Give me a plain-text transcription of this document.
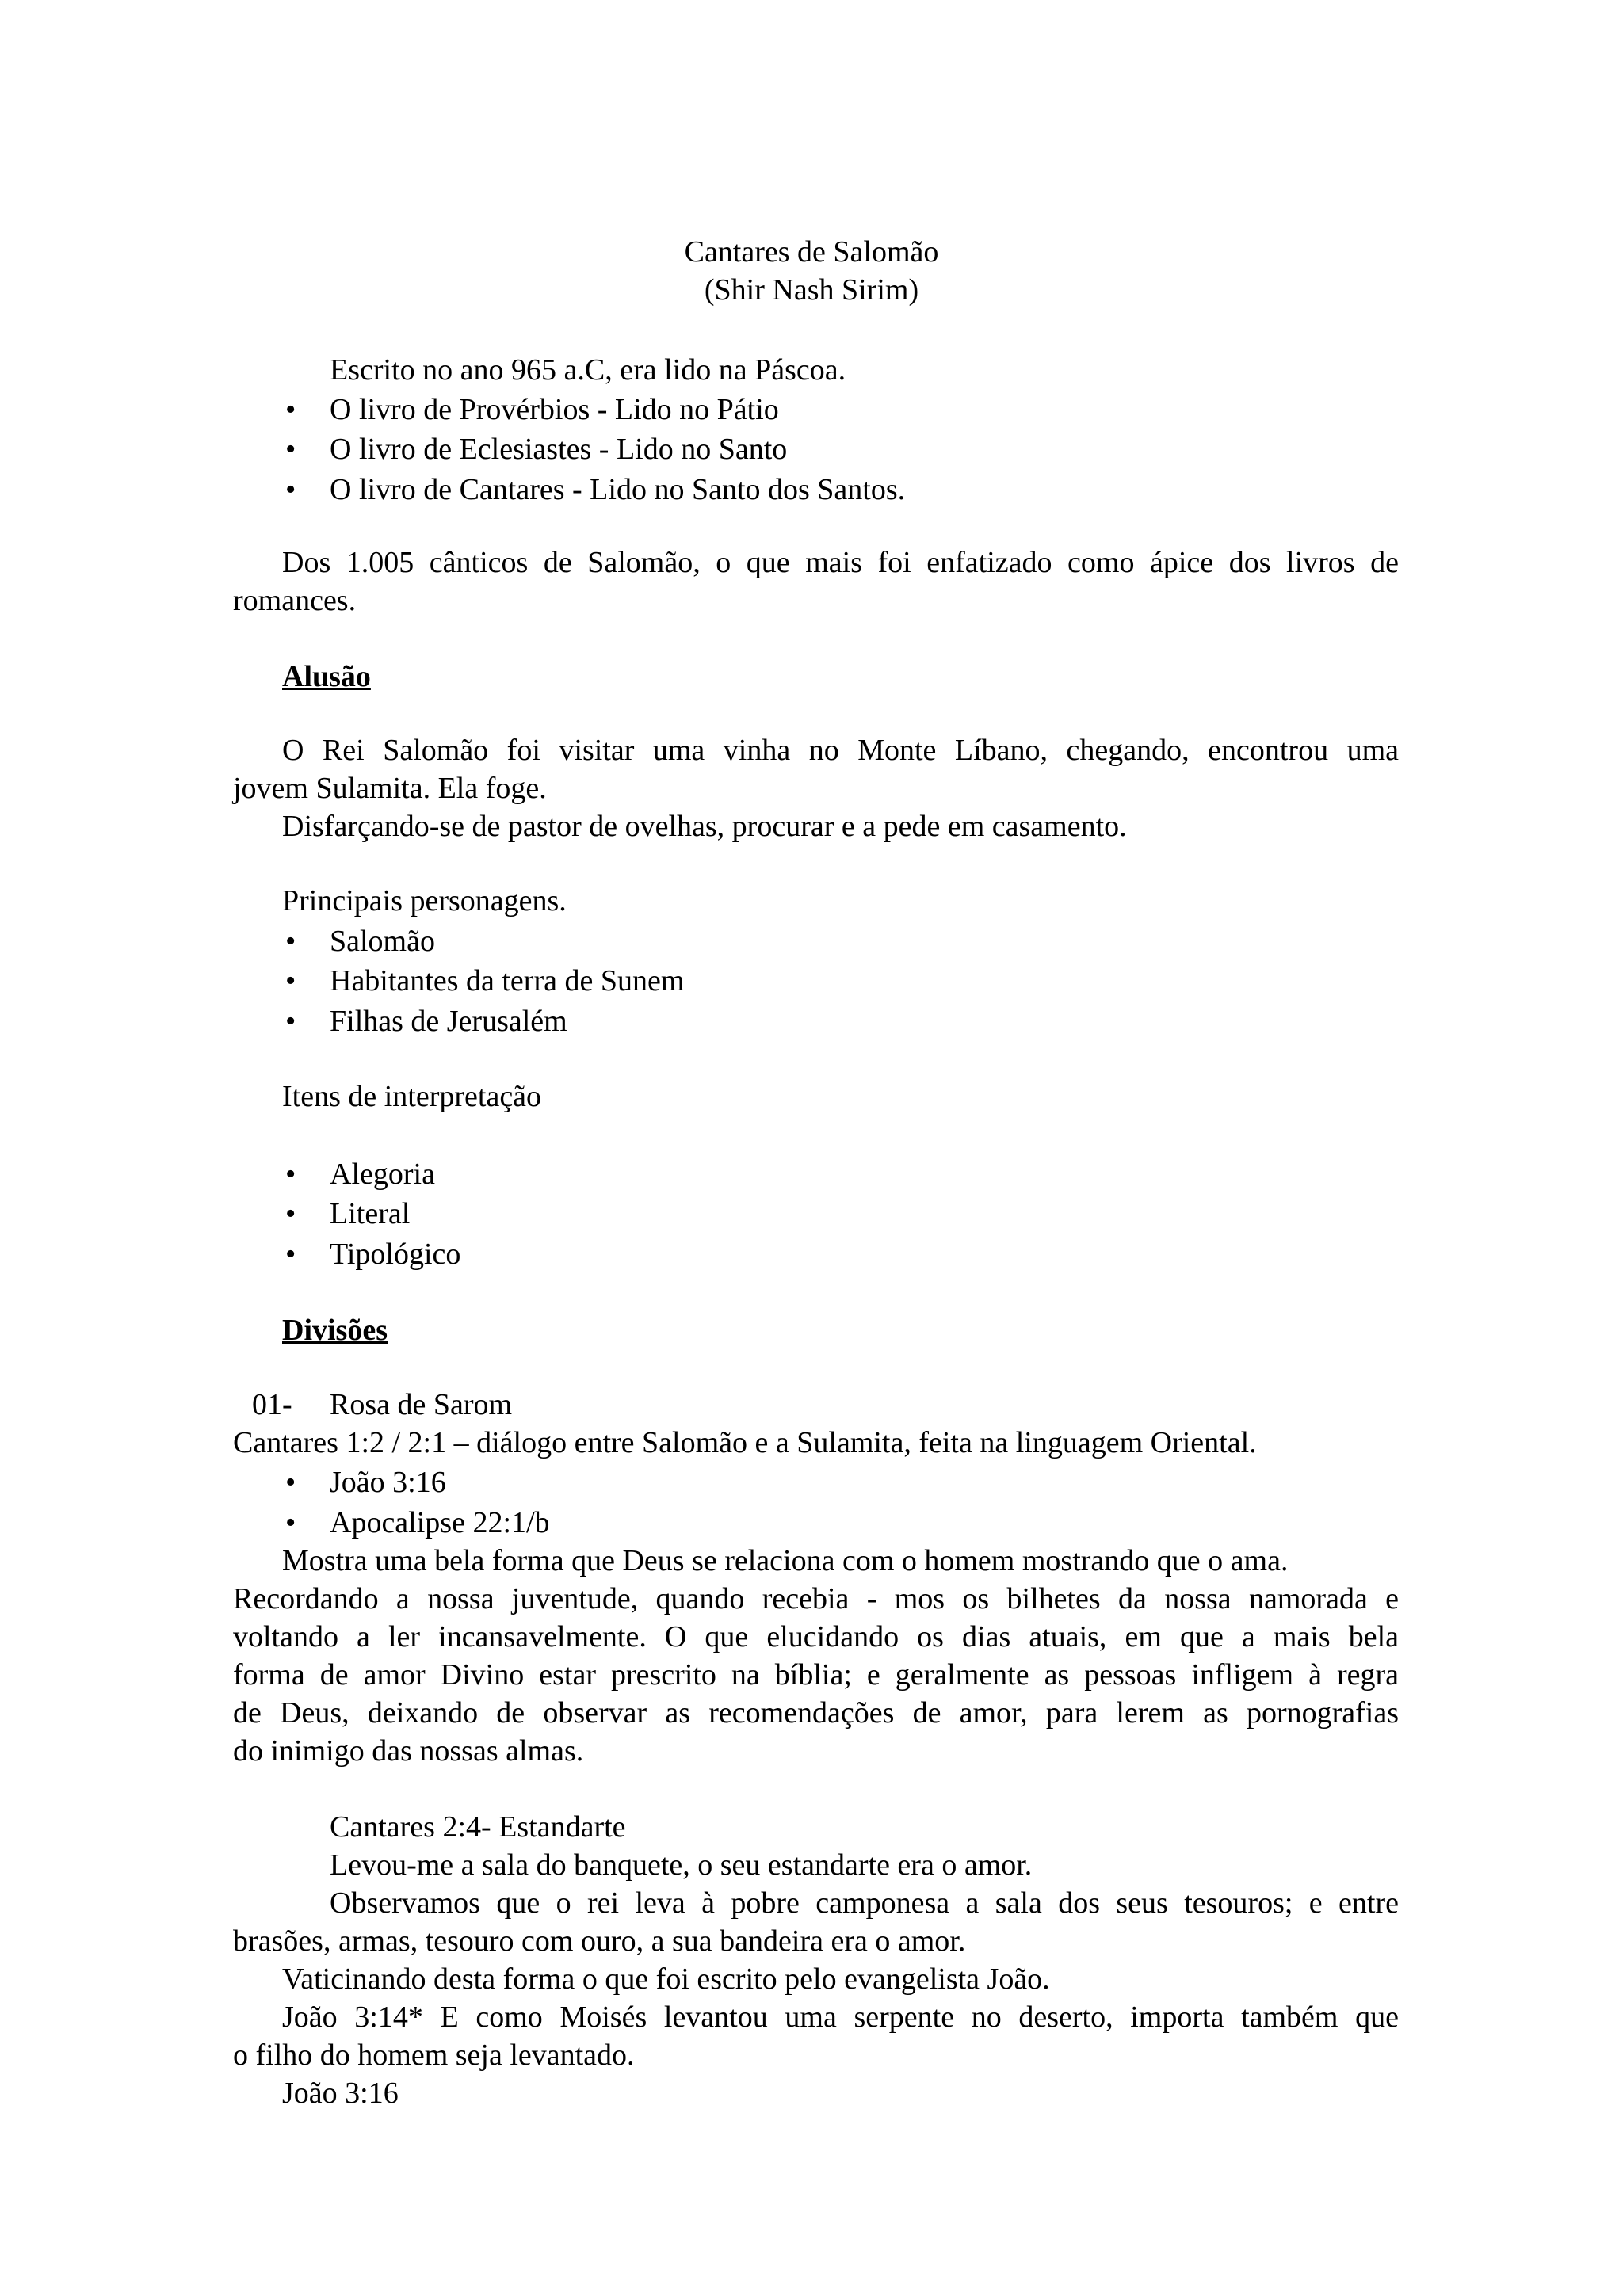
Cantares de Salomão
(Shir Nash Sirim)
Escrito no ano 965 a.C, era lido na Páscoa.
• O livro de Provérbios - Lido no Pátio
• O livro de Eclesiastes - Lido no Santo
• O livro de Cantares - Lido no Santo dos Santos.
Dos 1.005 cânticos de Salomão, o que mais foi enfatizado como ápice dos livros de
romances.
Alusão
O Rei Salomão foi visitar uma vinha no Monte Líbano, chegando, encontrou uma
jovem Sulamita. Ela foge.
Disfarçando-se de pastor de ovelhas, procurar e a pede em casamento.
Principais personagens.
• Salomão
• Habitantes da terra de Sunem
• Filhas de Jerusalém
Itens de interpretação
• Alegoria
• Literal
• Tipológico
Divisões
01- Rosa de Sarom
Cantares 1:2 / 2:1 – diálogo entre Salomão e a Sulamita, feita na linguagem Oriental.
• João 3:16
• Apocalipse 22:1/b
Mostra uma bela forma que Deus se relaciona com o homem mostrando que o ama.
Recordando a nossa juventude, quando recebia - mos os bilhetes da nossa namorada e
voltando a ler incansavelmente. O que elucidando os dias atuais, em que a mais bela
forma de amor Divino estar prescrito na bíblia; e geralmente as pessoas infligem à regra
de Deus, deixando de observar as recomendações de amor, para lerem as pornografias
do inimigo das nossas almas.
Cantares 2:4- Estandarte
Levou-me a sala do banquete, o seu estandarte era o amor.
Observamos que o rei leva à pobre camponesa a sala dos seus tesouros; e entre
brasões, armas, tesouro com ouro, a sua bandeira era o amor.
Vaticinando desta forma o que foi escrito pelo evangelista João.
João 3:14* E como Moisés levantou uma serpente no deserto, importa também que
o filho do homem seja levantado.
João 3:16
